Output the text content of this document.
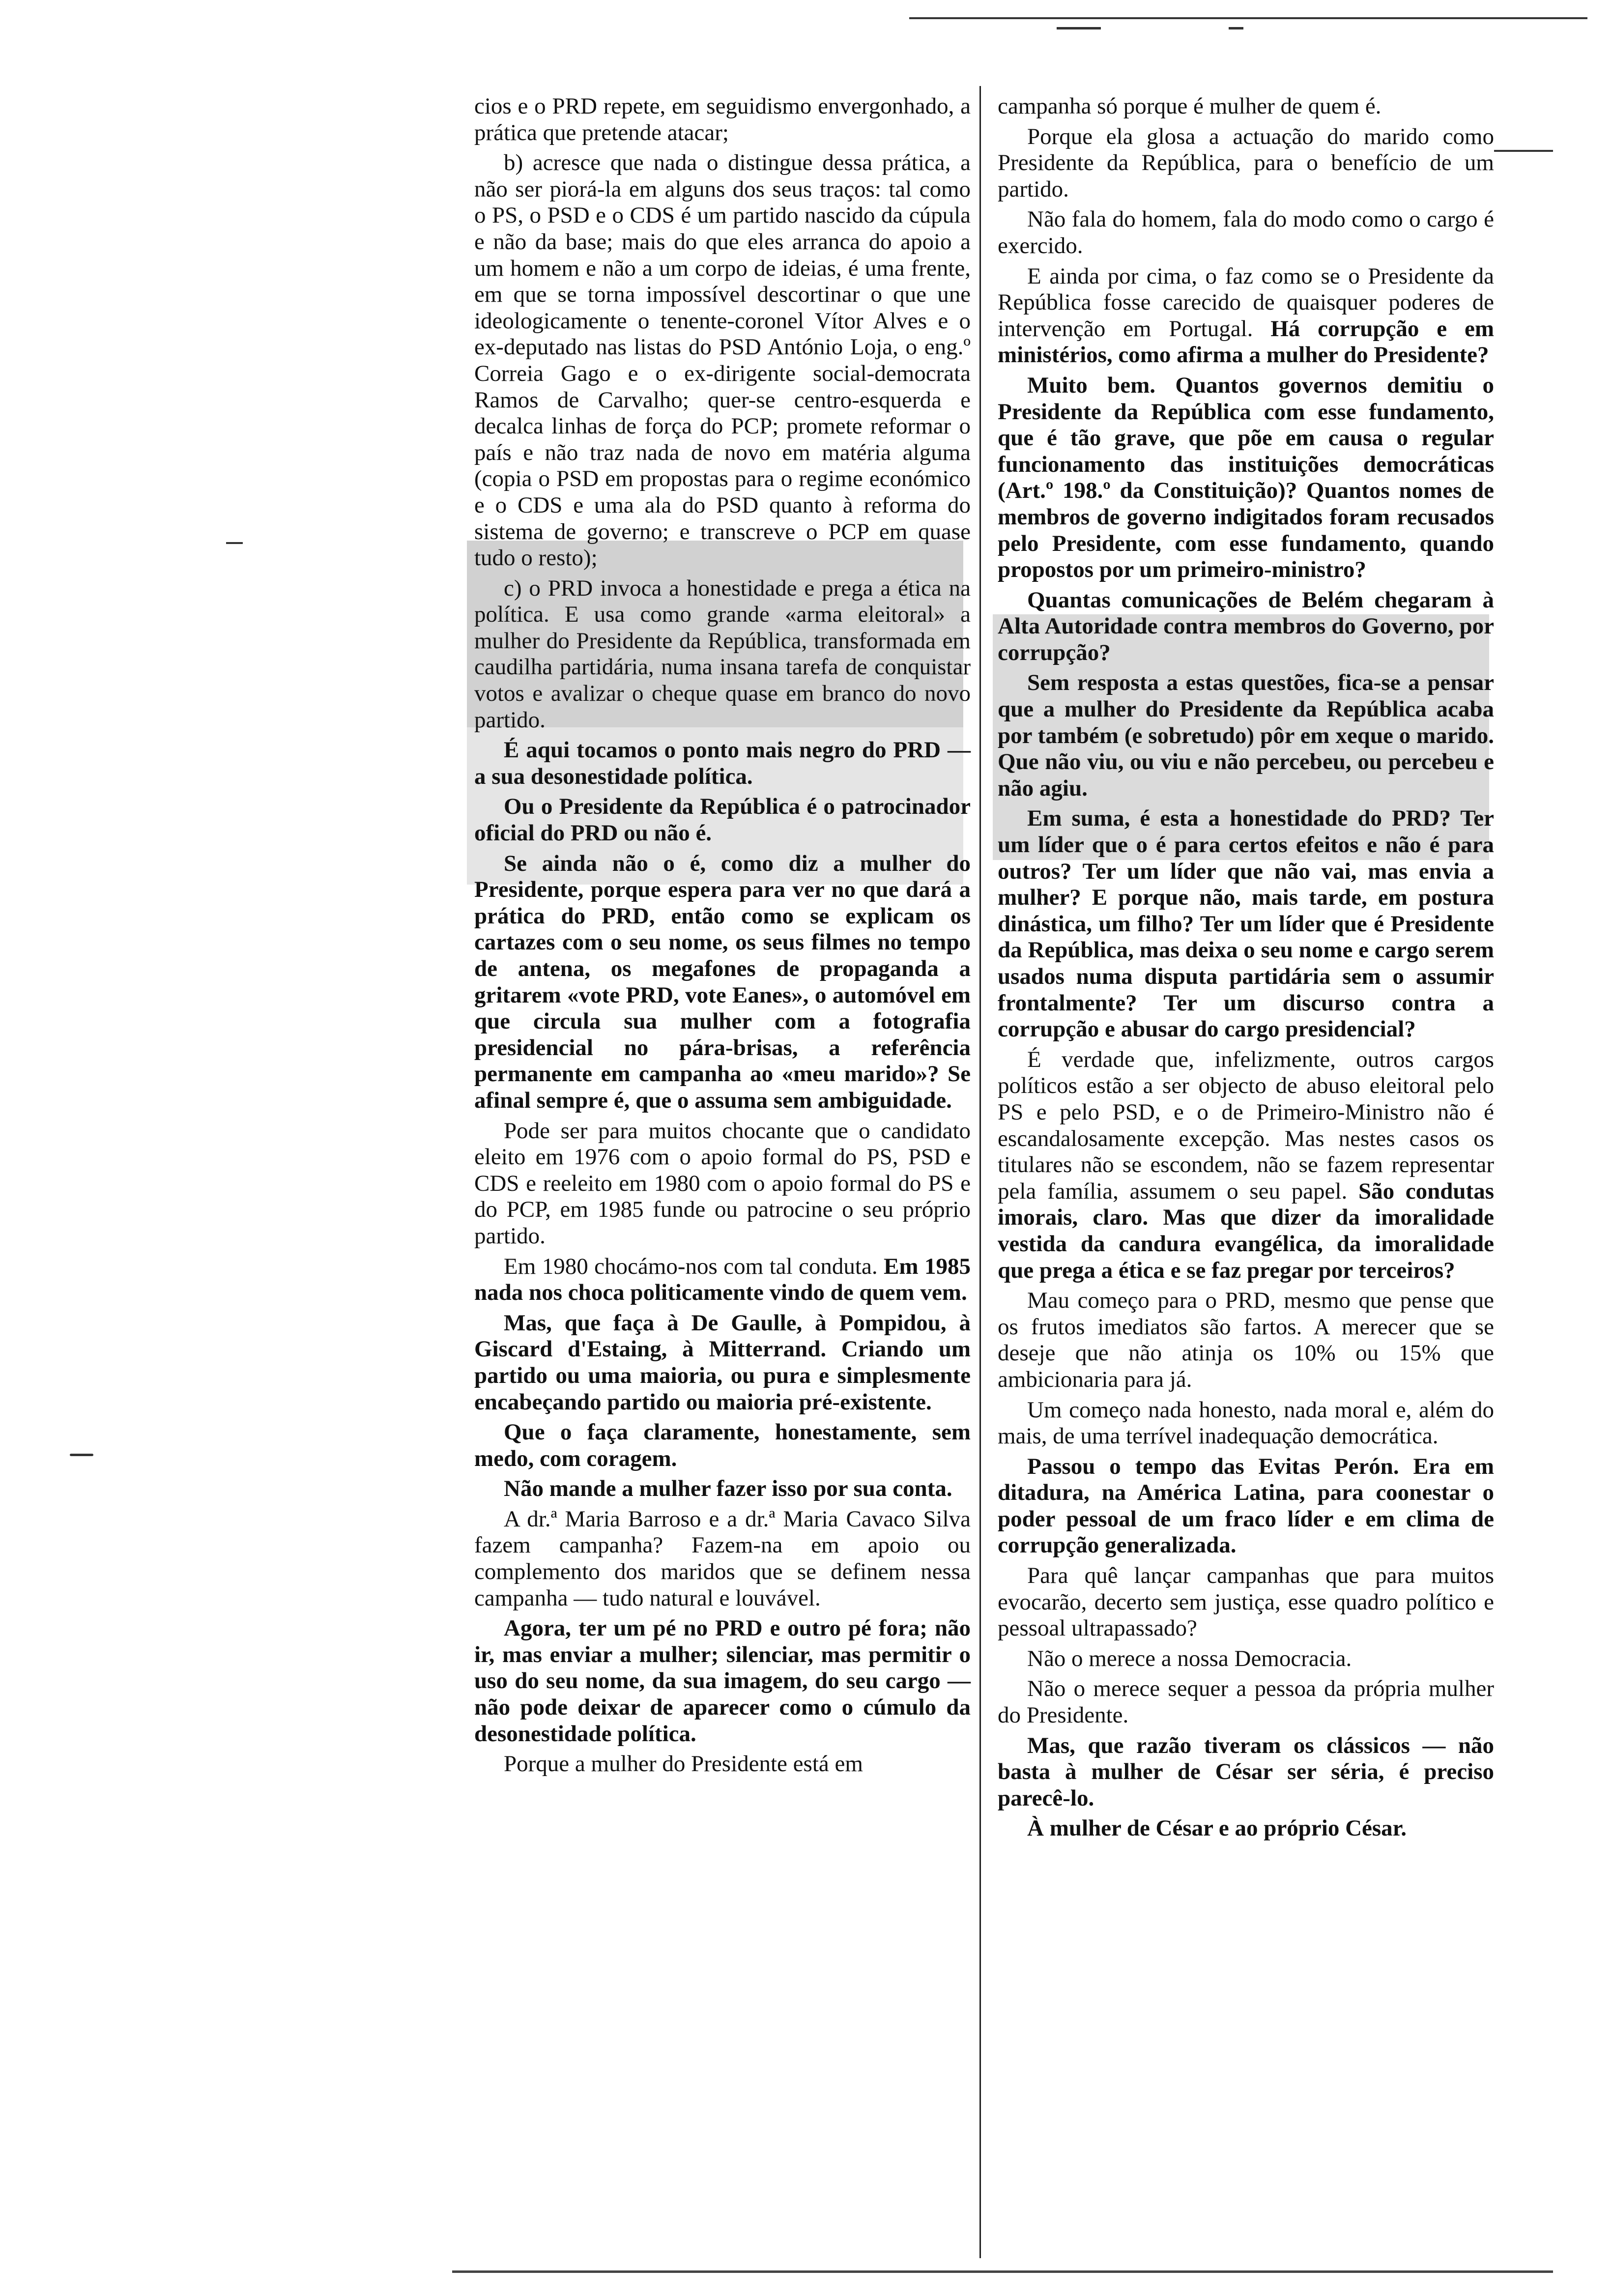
cios e o PRD repete, em seguidismo envergonhado, a prática que pretende atacar;

b) acresce que nada o distingue dessa prática, a não ser piorá-la em alguns dos seus traços: tal como o PS, o PSD e o CDS é um partido nascido da cúpula e não da base; mais do que eles arranca do apoio a um homem e não a um corpo de ideias, é uma frente, em que se torna impossível descortinar o que une ideologicamente o tenente-coronel Vítor Alves e o ex-deputado nas listas do PSD António Loja, o eng.º Correia Gago e o ex-dirigente social-democrata Ramos de Carvalho; quer-se centro-esquerda e decalca linhas de força do PCP; promete reformar o país e não traz nada de novo em matéria alguma (copia o PSD em propostas para o regime económico e o CDS e uma ala do PSD quanto à reforma do sistema de governo; e transcreve o PCP em quase tudo o resto);

c) o PRD invoca a honestidade e prega a ética na política. E usa como grande «arma eleitoral» a mulher do Presidente da República, transformada em caudilha partidária, numa insana tarefa de conquistar votos e avalizar o cheque quase em branco do novo partido.

É aqui tocamos o ponto mais negro do PRD — a sua desonestidade política.

Ou o Presidente da República é o patrocinador oficial do PRD ou não é.

Se ainda não o é, como diz a mulher do Presidente, porque espera para ver no que dará a prática do PRD, então como se explicam os cartazes com o seu nome, os seus filmes no tempo de antena, os megafones de propaganda a gritarem «vote PRD, vote Eanes», o automóvel em que circula sua mulher com a fotografia presidencial no pára-brisas, a referência permanente em campanha ao «meu marido»? Se afinal sempre é, que o assuma sem ambiguidade.

Pode ser para muitos chocante que o candidato eleito em 1976 com o apoio formal do PS, PSD e CDS e reeleito em 1980 com o apoio formal do PS e do PCP, em 1985 funde ou patrocine o seu próprio partido.

Em 1980 chocámo-nos com tal conduta. Em 1985 nada nos choca politicamente vindo de quem vem.

Mas, que faça à De Gaulle, à Pompidou, à Giscard d'Estaing, à Mitterrand. Criando um partido ou uma maioria, ou pura e simplesmente encabeçando partido ou maioria pré-existente.

Que o faça claramente, honestamente, sem medo, com coragem.

Não mande a mulher fazer isso por sua conta.

A dr.ª Maria Barroso e a dr.ª Maria Cavaco Silva fazem campanha? Fazem-na em apoio ou complemento dos maridos que se definem nessa campanha — tudo natural e louvável.

Agora, ter um pé no PRD e outro pé fora; não ir, mas enviar a mulher; silenciar, mas permitir o uso do seu nome, da sua imagem, do seu cargo — não pode deixar de aparecer como o cúmulo da desonestidade política.

Porque a mulher do Presidente está em

campanha só porque é mulher de quem é.

Porque ela glosa a actuação do marido como Presidente da República, para o benefício de um partido.

Não fala do homem, fala do modo como o cargo é exercido.

E ainda por cima, o faz como se o Presidente da República fosse carecido de quaisquer poderes de intervenção em Portugal. Há corrupção e em ministérios, como afirma a mulher do Presidente?

Muito bem. Quantos governos demitiu o Presidente da República com esse fundamento, que é tão grave, que põe em causa o regular funcionamento das instituições democráticas (Art.º 198.º da Constituição)? Quantos nomes de membros de governo indigitados foram recusados pelo Presidente, com esse fundamento, quando propostos por um primeiro-ministro?

Quantas comunicações de Belém chegaram à Alta Autoridade contra membros do Governo, por corrupção?

Sem resposta a estas questões, fica-se a pensar que a mulher do Presidente da República acaba por também (e sobretudo) pôr em xeque o marido. Que não viu, ou viu e não percebeu, ou percebeu e não agiu.

Em suma, é esta a honestidade do PRD? Ter um líder que o é para certos efeitos e não é para outros? Ter um líder que não vai, mas envia a mulher? E porque não, mais tarde, em postura dinástica, um filho? Ter um líder que é Presidente da República, mas deixa o seu nome e cargo serem usados numa disputa partidária sem o assumir frontalmente? Ter um discurso contra a corrupção e abusar do cargo presidencial?

É verdade que, infelizmente, outros cargos políticos estão a ser objecto de abuso eleitoral pelo PS e pelo PSD, e o de Primeiro-Ministro não é escandalosamente excepção. Mas nestes casos os titulares não se escondem, não se fazem representar pela família, assumem o seu papel. São condutas imorais, claro. Mas que dizer da imoralidade vestida da candura evangélica, da imoralidade que prega a ética e se faz pregar por terceiros?

Mau começo para o PRD, mesmo que pense que os frutos imediatos são fartos. A merecer que se deseje que não atinja os 10% ou 15% que ambicionaria para já.

Um começo nada honesto, nada moral e, além do mais, de uma terrível inadequação democrática.

Passou o tempo das Evitas Perón. Era em ditadura, na América Latina, para coonestar o poder pessoal de um fraco líder e em clima de corrupção generalizada.

Para quê lançar campanhas que para muitos evocarão, decerto sem justiça, esse quadro político e pessoal ultrapassado?

Não o merece a nossa Democracia.

Não o merece sequer a pessoa da própria mulher do Presidente.

Mas, que razão tiveram os clássicos — não basta à mulher de César ser séria, é preciso parecê-lo.

À mulher de César e ao próprio César.
